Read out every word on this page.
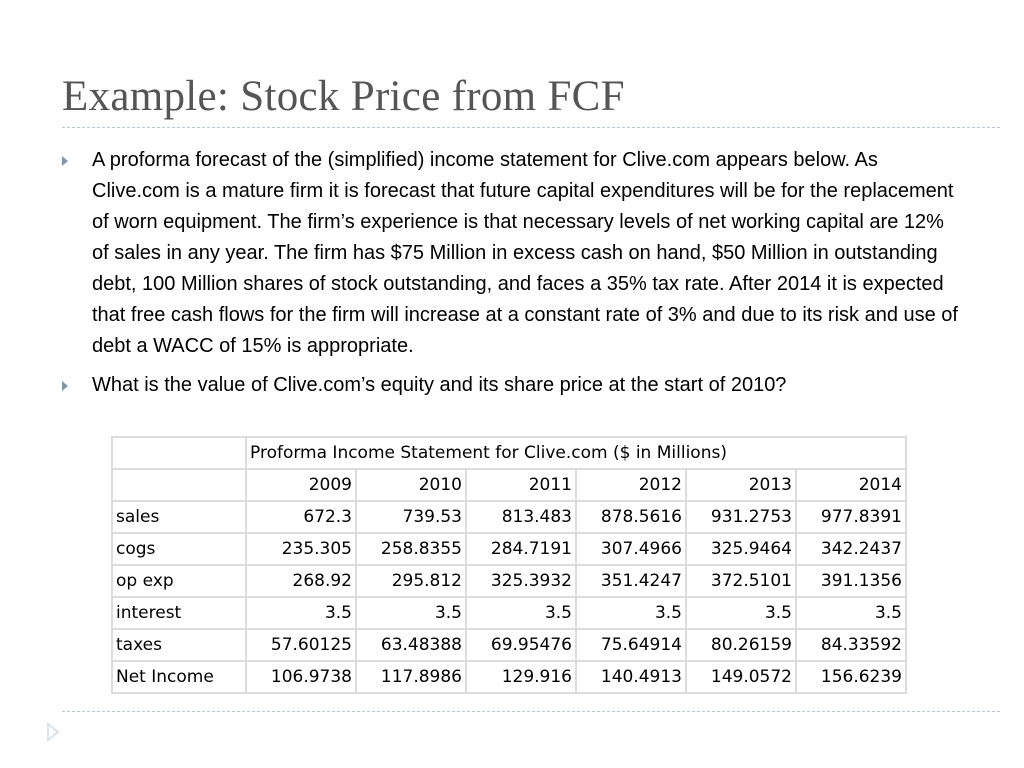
Example: Stock Price from FCF
A proforma forecast of the (simplified) income statement for Clive.com appears below. As Clive.com is a mature firm it is forecast that future capital expenditures will be for the replacement of worn equipment. The firm’s experience is that necessary levels of net working capital are 12% of sales in any year. The firm has $75 Million in excess cash on hand, $50 Million in outstanding debt, 100 Million shares of stock outstanding, and faces a 35% tax rate. After 2014 it is expected that free cash flows for the firm will increase at a constant rate of 3% and due to its risk and use of debt a WACC of 15% is appropriate.
What is the value of Clive.com’s equity and its share price at the start of 2010?
	Proforma Income Statement for Clive.com ($ in Millions)					
	2009	2010	2011	2012	2013	2014
sales	672.3	739.53	813.483	878.5616	931.2753	977.8391
cogs	235.305	258.8355	284.7191	307.4966	325.9464	342.2437
op exp	268.92	295.812	325.3932	351.4247	372.5101	391.1356
interest	3.5	3.5	3.5	3.5	3.5	3.5
taxes	57.60125	63.48388	69.95476	75.64914	80.26159	84.33592
Net Income	106.9738	117.8986	129.916	140.4913	149.0572	156.6239
